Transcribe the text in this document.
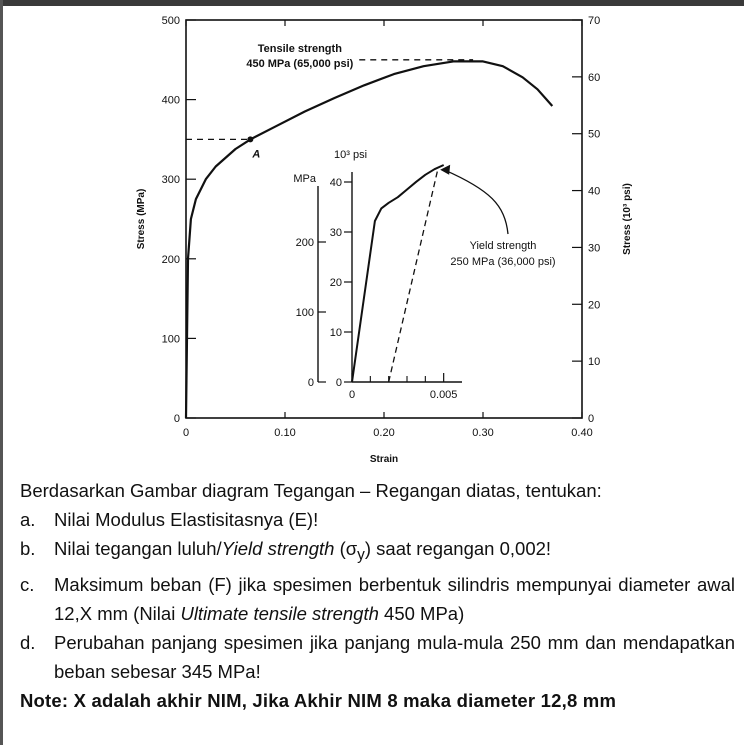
0	0.10	0.20	0.30	0.40
0
100
200
300
400
500
0
10
20
30
40
50
60
70
Strain
Stress (MPa)	Stress (10³ psi)
A
Tensile strength
450 MPa (65,000 psi)
0
100
200
0
10
20
30
40
0	0.005
MPa
10³ psi
Yield strength
250 MPa (36,000 psi)

Berdasarkan Gambar diagram Tegangan – Regangan diatas, tentukan:

a.	Nilai Modulus Elastisitasnya (E)!
b.	Nilai tegangan luluh/Yield strength $(\sigma_y)$ saat regangan 0,002!
c.	Maksimum beban (F) jika spesimen berbentuk silindris mempunyai diameter awal 12,X mm (Nilai Ultimate tensile strength 450 MPa)
d.	Perubahan panjang spesimen jika panjang mula-mula 250 mm dan mendapatkan beban sebesar 345 MPa!

Note: X adalah akhir NIM, Jika Akhir NIM 8 maka diameter 12,8 mm
